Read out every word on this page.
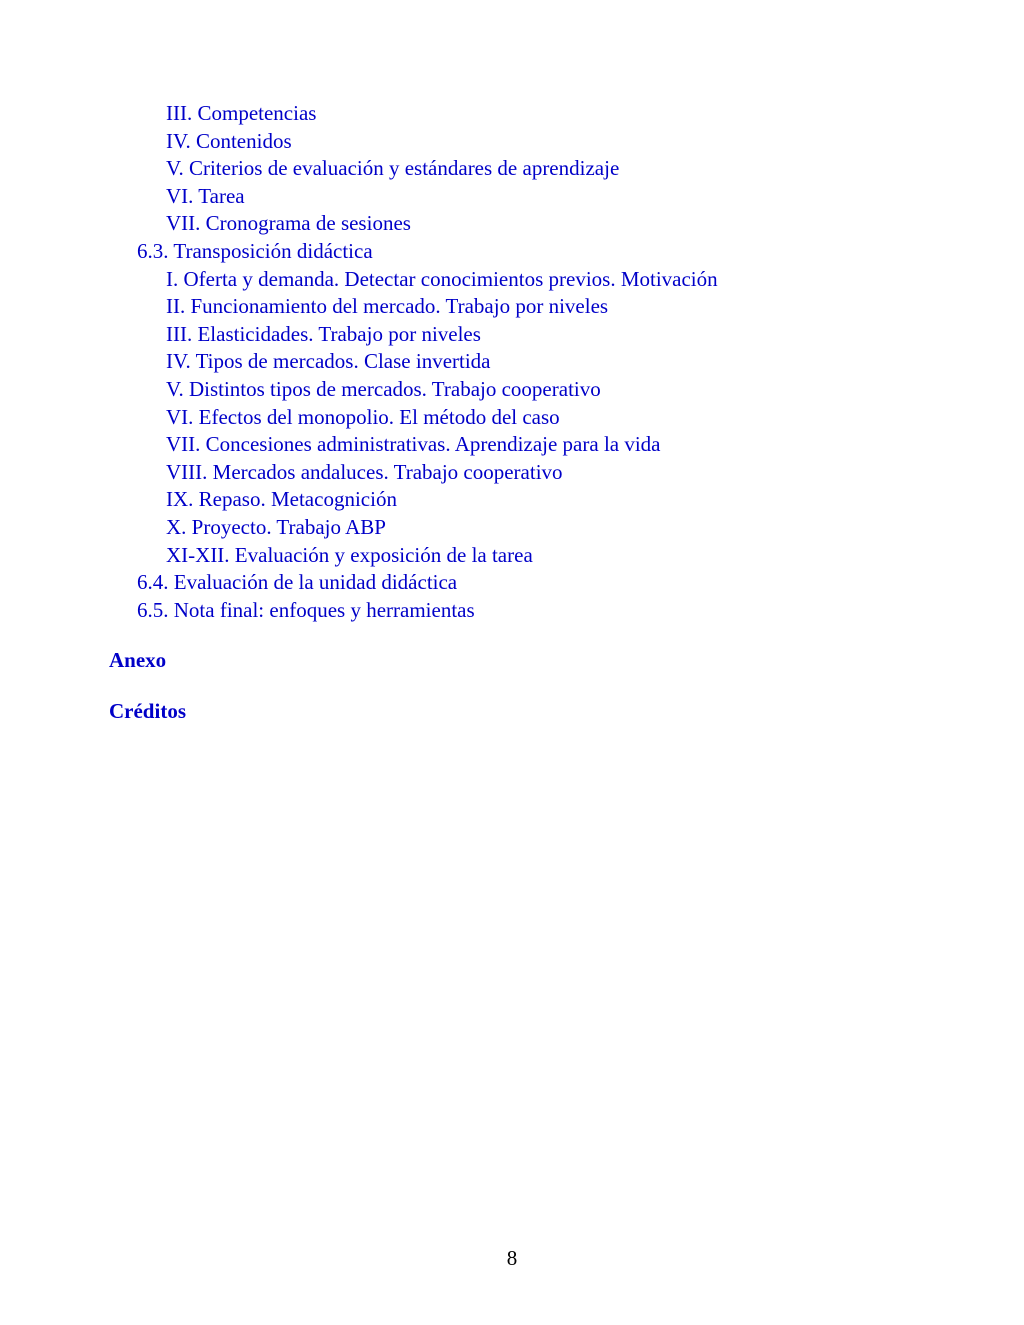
III. Competencias
IV. Contenidos
V. Criterios de evaluación y estándares de aprendizaje
VI. Tarea
VII. Cronograma de sesiones
6.3. Transposición didáctica
I. Oferta y demanda. Detectar conocimientos previos. Motivación
II. Funcionamiento del mercado. Trabajo por niveles
III. Elasticidades. Trabajo por niveles
IV. Tipos de mercados. Clase invertida
V. Distintos tipos de mercados. Trabajo cooperativo
VI. Efectos del monopolio. El método del caso
VII. Concesiones administrativas. Aprendizaje para la vida
VIII. Mercados andaluces. Trabajo cooperativo
IX. Repaso. Metacognición
X. Proyecto. Trabajo ABP
XI-XII. Evaluación y exposición de la tarea
6.4. Evaluación de la unidad didáctica
6.5. Nota final: enfoques y herramientas
Anexo
Créditos
8
